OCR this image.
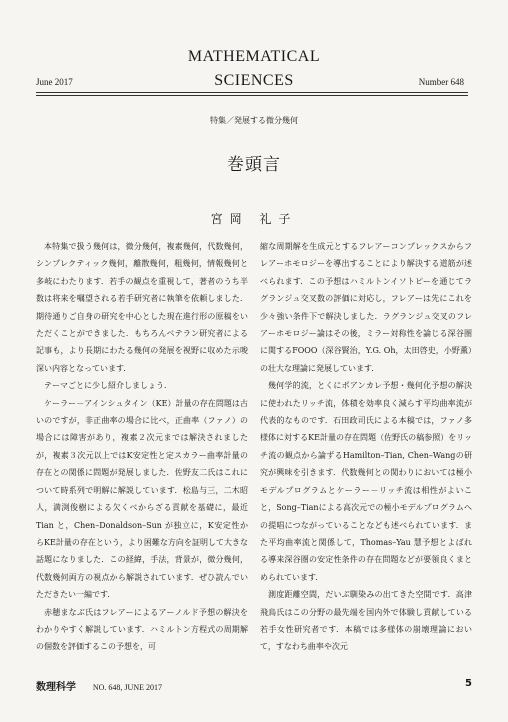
MATHEMATICAL
SCIENCES
June 2017	Number 648
特集／発展する微分幾何
巻頭言
宮岡 礼子

本特集で扱う幾何は，微分幾何，複素幾何，代数幾何，シンプレクティック幾何，離散幾何，粗幾何，情報幾何と多岐にわたります．若手の観点を重視して，著者のうち半数は将来を嘱望される若手研究者に執筆を依頼しました．期待通りご自身の研究を中心とした現在進行形の原稿をいただくことができました．もちろんベテラン研究者による記事も，より長期にわたる幾何の発展を視野に収めた示唆深い内容となっています．

テーマごとに少し紹介しましょう．

ケーラー－アインシュタイン（KE）計量の存在問題は古いのですが，非正曲率の場合に比べ，正曲率（ファノ）の場合には障害があり，複素２次元までは解決されましたが，複素３次元以上ではK安定性と定スカラー曲率計量の存在との関係に問題が発展しました．佐野友二氏はこれについて時系列で明解に解説しています．松島与三，二木昭人，満渕俊樹による欠くべからざる貢献を基礎に，最近Tian と，Chen–Donaldson–Sun が独立に，K安定性からKE計量の存在という，より困難な方向を証明して大きな話題になりました．この経緯，手法，背景が，微分幾何，代数幾何両方の視点から解説されています．ぜひ読んでいただきたい一編です．

赤穂まなぶ氏はフレアーによるアーノルド予想の解決をわかりやすく解説しています．ハミルトン方程式の周期解の個数を評価するこの予想を，可

縮な周期解を生成元とするフレアーコンプレックスからフレアーホモロジーを導出することにより解決する道筋が述べられます．この予想はハミルトンイソトピーを通じてラグランジュ交叉数の評価に対応し，フレアーは先にこれを少々強い条件下で解決しました．ラグランジュ交叉のフレアーホモロジー論はその後，ミラー対称性を論じる深谷圏に関するFOOO（深谷賢治，Y.G. Oh，太田啓史，小野薫）の壮大な理論に発展しています．

幾何学的流，とくにポアンカレ予想・幾何化予想の解決に使われたリッチ流，体積を効率良く減らす平均曲率流が代表的なものです．石田政司氏による本稿では，ファノ多様体に対するKE計量の存在問題（佐野氏の稿参照）をリッチ流の観点から論ずるHamilton–Tian, Chen–Wangの研究が興味を引きます．代数幾何との関わりにおいては極小モデルプログラムとケーラー－リッチ流は相性がよいこと，Song–Tianによる高次元での極小モデルプログラムへの提唱につながっていることなども述べられています．また平均曲率流と関係して，Thomas–Yau 慧予想とよばれる導来深谷圏の安定性条件の存在問題などが要領良くまとめられています．

測度距離空間，だいぶ馴染みの出てきた空間です．高津飛鳥氏はこの分野の最先端を国内外で体験し貢献している若手女性研究者です．本稿では多様体の崩壊理論において，すなわち曲率や次元

数理科学 NO. 648, JUNE 2017	5
